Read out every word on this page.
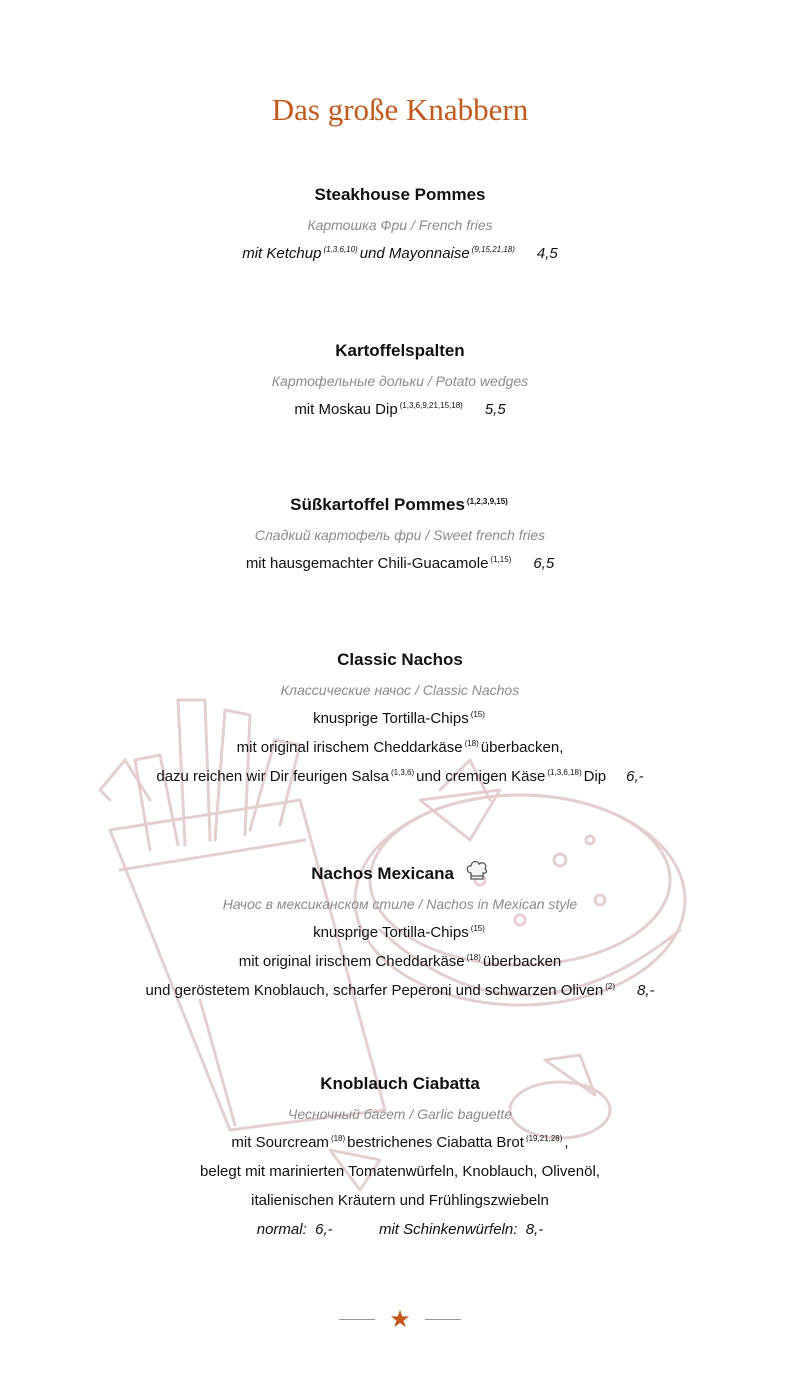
Das große Knabbern
Steakhouse Pommes
Картошка Фри / French fries
mit Ketchup $^{(1,3,6,10)}$ und Mayonnaise $^{(9,15,21,18)}$ 4,5
Kartoffelspalten
Картофельные дольки / Potato wedges
mit Moskau Dip $^{(1,3,6,9,21,15,18)}$ 5,5
Süßkartoffel Pommes $^{(1,2,3,9,15)}$
Сладкий картофель фри / Sweet french fries
mit hausgemachter Chili-Guacamole $^{(1,15)}$ 6,5
Classic Nachos
Классические начос / Classic Nachos
knusprige Tortilla-Chips $^{(15)}$
mit original irischem Cheddarkäse $^{(18)}$ überbacken,
dazu reichen wir Dir feurigen Salsa $^{(1,3,6)}$ und cremigen Käse $^{(1,3,6,18)}$ Dip 6,-
Nachos Mexicana
Начос в мексиканском стиле / Nachos in Mexican style
knusprige Tortilla-Chips $^{(15)}$
mit original irischem Cheddarkäse $^{(18)}$ überbacken
und geröstetem Knoblauch, scharfer Peperoni und schwarzen Oliven $^{(2)}$ 8,-
Knoblauch Ciabatta
Чесночный багет / Garlic baguette
mit Sourcream $^{(18)}$ bestrichenes Ciabatta Brot $^{(19,21,28)}$ ,
belegt mit marinierten Tomatenwürfeln, Knoblauch, Olivenöl,
italienischen Kräutern und Frühlingszwiebeln
normal: 6,-	mit Schinkenwürfeln: 8,-
★
